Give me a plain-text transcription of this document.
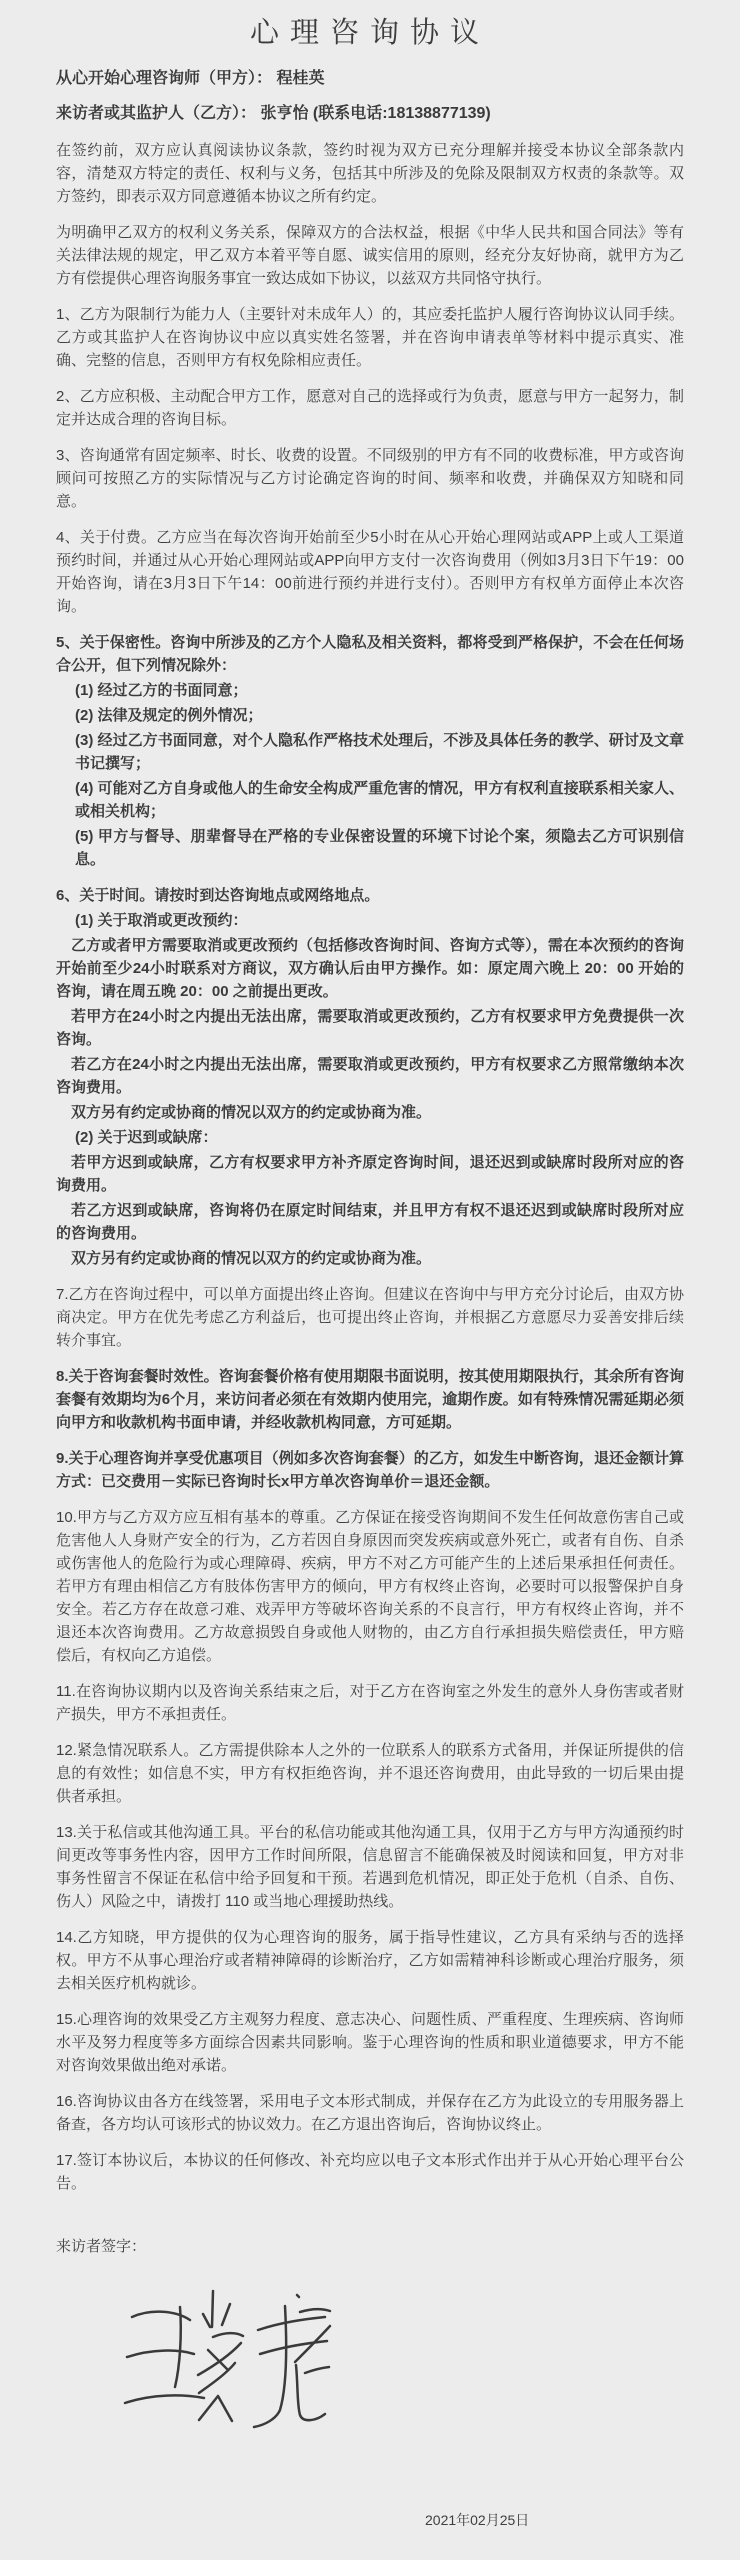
心理咨询协议
从心开始心理咨询师（甲方）： 程桂英
来访者或其监护人（乙方）： 张亨怡 (联系电话:18138877139)

在签约前，双方应认真阅读协议条款，签约时视为双方已充分理解并接受本协议全部条款内容，清楚双方特定的责任、权利与义务，包括其中所涉及的免除及限制双方权责的条款等。双方签约，即表示双方同意遵循本协议之所有约定。

为明确甲乙双方的权利义务关系，保障双方的合法权益，根据《中华人民共和国合同法》等有关法律法规的规定，甲乙双方本着平等自愿、诚实信用的原则，经充分友好协商，就甲方为乙方有偿提供心理咨询服务事宜一致达成如下协议，以兹双方共同恪守执行。

1、乙方为限制行为能力人（主要针对未成年人）的，其应委托监护人履行咨询协议认同手续。乙方或其监护人在咨询协议中应以真实姓名签署，并在咨询申请表单等材料中提示真实、准确、完整的信息，否则甲方有权免除相应责任。

2、乙方应积极、主动配合甲方工作，愿意对自己的选择或行为负责，愿意与甲方一起努力，制定并达成合理的咨询目标。

3、咨询通常有固定频率、时长、收费的设置。不同级别的甲方有不同的收费标准，甲方或咨询顾问可按照乙方的实际情况与乙方讨论确定咨询的时间、频率和收费，并确保双方知晓和同意。

4、关于付费。乙方应当在每次咨询开始前至少5小时在从心开始心理网站或APP上或人工渠道预约时间，并通过从心开始心理网站或APP向甲方支付一次咨询费用（例如3月3日下午19：00开始咨询，请在3月3日下午14：00前进行预约并进行支付）。否则甲方有权单方面停止本次咨询。

5、关于保密性。咨询中所涉及的乙方个人隐私及相关资料，都将受到严格保护，不会在任何场合公开，但下列情况除外：

(1) 经过乙方的书面同意；

(2) 法律及规定的例外情况；

(3) 经过乙方书面同意，对个人隐私作严格技术处理后，不涉及具体任务的教学、研讨及文章书记撰写；

(4) 可能对乙方自身或他人的生命安全构成严重危害的情况，甲方有权利直接联系相关家人、或相关机构；

(5) 甲方与督导、朋辈督导在严格的专业保密设置的环境下讨论个案，须隐去乙方可识别信息。

6、关于时间。请按时到达咨询地点或网络地点。

(1) 关于取消或更改预约：

乙方或者甲方需要取消或更改预约（包括修改咨询时间、咨询方式等），需在本次预约的咨询开始前至少24小时联系对方商议，双方确认后由甲方操作。如：原定周六晚上 20：00 开始的咨询，请在周五晚 20：00 之前提出更改。

若甲方在24小时之内提出无法出席，需要取消或更改预约，乙方有权要求甲方免费提供一次咨询。

若乙方在24小时之内提出无法出席，需要取消或更改预约，甲方有权要求乙方照常缴纳本次咨询费用。

双方另有约定或协商的情况以双方的约定或协商为准。

(2) 关于迟到或缺席：

若甲方迟到或缺席，乙方有权要求甲方补齐原定咨询时间，退还迟到或缺席时段所对应的咨询费用。

若乙方迟到或缺席，咨询将仍在原定时间结束，并且甲方有权不退还迟到或缺席时段所对应的咨询费用。

双方另有约定或协商的情况以双方的约定或协商为准。

7.乙方在咨询过程中，可以单方面提出终止咨询。但建议在咨询中与甲方充分讨论后，由双方协商决定。甲方在优先考虑乙方利益后，也可提出终止咨询，并根据乙方意愿尽力妥善安排后续转介事宜。

8.关于咨询套餐时效性。咨询套餐价格有使用期限书面说明，按其使用期限执行，其余所有咨询套餐有效期均为6个月，来访问者必须在有效期内使用完，逾期作废。如有特殊情况需延期必须向甲方和收款机构书面申请，并经收款机构同意，方可延期。

9.关于心理咨询并享受优惠项目（例如多次咨询套餐）的乙方，如发生中断咨询，退还金额计算方式：已交费用－实际已咨询时长x甲方单次咨询单价＝退还金额。

10.甲方与乙方双方应互相有基本的尊重。乙方保证在接受咨询期间不发生任何故意伤害自己或危害他人人身财产安全的行为，乙方若因自身原因而突发疾病或意外死亡，或者有自伤、自杀或伤害他人的危险行为或心理障碍、疾病，甲方不对乙方可能产生的上述后果承担任何责任。若甲方有理由相信乙方有肢体伤害甲方的倾向，甲方有权终止咨询，必要时可以报警保护自身安全。若乙方存在故意刁难、戏弄甲方等破坏咨询关系的不良言行，甲方有权终止咨询，并不退还本次咨询费用。乙方故意损毁自身或他人财物的，由乙方自行承担损失赔偿责任，甲方赔偿后，有权向乙方追偿。

11.在咨询协议期内以及咨询关系结束之后，对于乙方在咨询室之外发生的意外人身伤害或者财产损失，甲方不承担责任。

12.紧急情况联系人。乙方需提供除本人之外的一位联系人的联系方式备用，并保证所提供的信息的有效性；如信息不实，甲方有权拒绝咨询，并不退还咨询费用，由此导致的一切后果由提供者承担。

13.关于私信或其他沟通工具。平台的私信功能或其他沟通工具，仅用于乙方与甲方沟通预约时间更改等事务性内容，因甲方工作时间所限，信息留言不能确保被及时阅读和回复，甲方对非事务性留言不保证在私信中给予回复和干预。若遇到危机情况，即正处于危机（自杀、自伤、伤人）风险之中，请拨打 110 或当地心理援助热线。

14.乙方知晓，甲方提供的仅为心理咨询的服务，属于指导性建议，乙方具有采纳与否的选择权。甲方不从事心理治疗或者精神障碍的诊断治疗，乙方如需精神科诊断或心理治疗服务，须去相关医疗机构就诊。

15.心理咨询的效果受乙方主观努力程度、意志决心、问题性质、严重程度、生理疾病、咨询师水平及努力程度等多方面综合因素共同影响。鉴于心理咨询的性质和职业道德要求，甲方不能对咨询效果做出绝对承诺。

16.咨询协议由各方在线签署，采用电子文本形式制成，并保存在乙方为此设立的专用服务器上备查，各方均认可该形式的协议效力。在乙方退出咨询后，咨询协议终止。

17.签订本协议后，本协议的任何修改、补充均应以电子文本形式作出并于从心开始心理平台公告。

来访者签字：
2021年02月25日
